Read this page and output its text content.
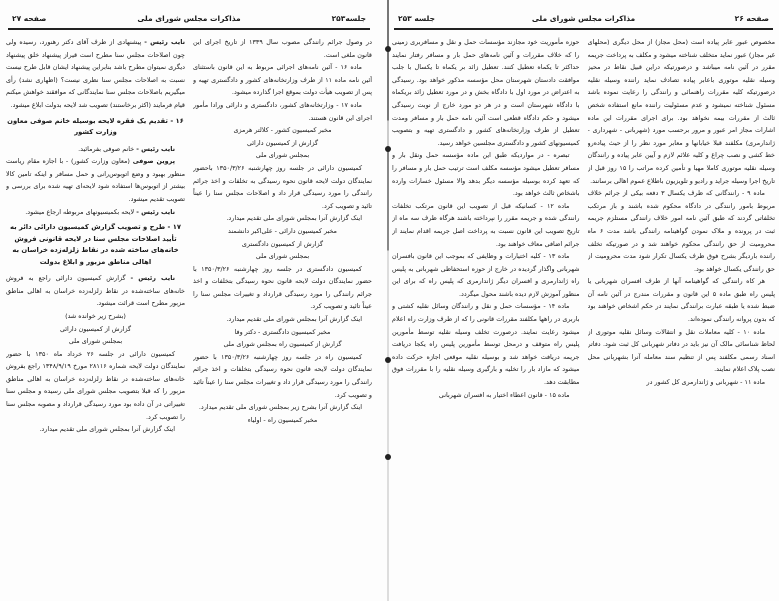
جلسه۲۵۳
مذاکرات مجلس شورای ملی
صفحه ۲۷

در وصول جرائم رانندگی مصوب سال ۱۳۳۹ از تاریخ اجرای این قانون ملغی است.

ماده ۱۶ - آئین نامه‌های اجرائی مربوط به این قانون باستثنای آئین نامه ماده ۱۱ از طرف وزارتخانه‌های کشور و دادگستری تهیه و پس از تصویب هیأت دولت بموقع اجرا گذارده میشود.

ماده ۱۷ - وزارتخانه‌های کشور، دادگستری و دارائی ورادا مأمور اجرای این قانون هستند.

مخبر کمیسیون کشور - کلالتر هرمزی

گزارش از کمیسیون دارائی

بمجلس شورای ملی

کمیسیون دارائی در جلسه روز چهارشنبه ۱۳۵۰/۳/۲۶ باحضور نمایندگان دولت لایحه قانون نحوه رسیدگی به تخلفات و اخذ جرائم رانندگی را مورد رسیدگی قرار داد و اصلاحات مجلس سنا را عیناً تائید و تصویب کرد.

اینک گزارش آنرا بمجلس شورای ملی تقدیم میدارد.

مخبر کمیسیون دارائی - علی‌اکبر دانشمند

گزارش از کمیسیون دادگستری

بمجلس شورای ملی

کمیسیون دادگستری در جلسه روز چهارشنبه ۱۳۵۰/۳/۲۶ با حضور نمایندگان دولت لایحه قانون نحوه رسیدگی بتخلفات و اخذ جرائم رانندگی را مورد رسیدگی قرارداد و تغییرات مجلس سنا را عیناً تائید و تصویب کرد.

اینک گزارش آنرا بمجلس شورای ملی تقدیم میدارد.

مخبر کمیسیون دادگستری - دکتر وفا

گزارش از کمیسیون راه بمجلس شورای ملی

کمیسیون راه در جلسه روز چهارشنبه ۱۳۵۰/۳/۲۶ با حضور نمایندگان دولت لایحه قانون نحوه رسیدگی بتخلفات و اخذ جرائم رانندگی را مورد رسیدگی قرار داد و تغییرات مجلس سنا را عیناً تائید و تصویب کرد.

اینک گزارش آنرا بشرح زیر بمجلس شورای ملی تقدیم میدارد.

مخبر کمیسیون راه - اولیاء

نایب رئیس - پیشنهادی از طرف آقای دکتر رهنورد، رسیده ولی چون اصلاحات مجلس سنا مطرح است قیراز پیشنهاد خلق پیشنهاد دیگری نمیتوان مطرح باشد بنابراین پیشنهاد ایشان قابل طرح نیست نسبت به اصلاحات مجلس سنا نظری نیست؟ (اظهاری نشد) رأی میگیریم باصلاحات مجلس سنا نمایندگانی که موافقند خواهش میکنم قیام فرمایند (اکثر برخاستند) تصویب شد لایحه بدولت ابلاغ میشود.

۱۶ - تقدیم یک فقره لایحه بوسیله خانم صوفی معاون وزارت کشور

نایب رئیس - خانم صوفی بفرمائید.

پروین صوفی (معاون وزارت کشور) - با اجازه مقام ریاست منظور بهبود و وضع اتوبوس‌رانی و حمل مسافر و اینکه تامین کالا بیشتر از اتوبوس‌ها استفاده شود لایحه‌ای تهیه شده برای بررسی و تصویب تقدیم میشود.

نایب رئیس - لایحه بکمیسیونهای مربوطه ارجاع میشود.

۱۷ - طرح و تصویب گزارش کمیسیون دارائی دائر به تأیید اصلاحات مجلس سنا در لایحه قانونی فروش خانه‌های ساخته شده در نقاط زلزله‌زده خراسان به اهالی مناطق مزبور و ابلاغ بدولت

نایب رئیس - گزارش کمیسیون دارائی راجع به فروش خانه‌های ساخته‌شده در نقاط زلزله‌زده خراسان به اهالی مناطق مزبور مطرح است قرائت میشود.

(بشرح زیر خوانده شد)

گزارش از کمیسیون دارائی

بمجلس شورای ملی

کمیسیون دارائی در جلسه ۲۶ خرداد ماه ۱۳۵۰ با حضور نمایندگان دولت لایحه شماره ۲۸۱۱۶ مورخ ۱۳۴۸/۹/۱۹ راجع بفروش خانه‌های ساخته‌شده در نقاط زلزله‌زده خراسان به اهالی مناطق مزبور را که قبلا بتصویب مجلس شورای ملی رسیده و مجلس سنا تغییراتی در آن داده بود مورد رسیدگی قرارداد و مصوبه مجلس سنا را تصویب کرد.

اینک گزارش آنرا بمجلس شورای ملی تقدیم میدارد.

صفحه ۲۶
مذاکرات مجلس شورای ملی
جلسه ۲۵۳

مخصوص عبور عابر پیاده است (محل مجاز) از محل دیگری (محلهای غیر مجاز) عبور نماید متخلف شناخته میشود و مکلف به پرداخت جریمه مقرر در آئین نامه میباشد و درصورتیکه دراین قبیل نقاط در محیز وسیله نقلیه موتوری باعابر پیاده تصادف نماید راننده وسیله نقلیه درصورتیکه کلیه مقررات راهنمائی و رانندگی را رعایت نموده باشد مسئول شناخته نمیشود و عدم مسئولیت راننده مانع استفاده شخص ثالث از مقررات بیمه نخواهد بود. برای اجرای مقررات این ماده اشارات مجاز امر عبور و مرور برحسب مورد (شهربانی - شهرداری - ژاندارمری) مکلفند قبلا خیابانها و معابر مورد نظر را از حیث پیاده‌رو خط کشی و نصب چراغ و کلیه علائم لازم و آیین عابر پیاده و رانندگان وسیله نقلیه موتوری کاملا مهیا و تأمین کرده مراتب را ۱۵ روز قبل از تاریخ اجرا وسیله جراید و رادیو و تلویزیون باطلاع عموم اهالی برسانند.

ماده ۹ - رانندگانی که ظرف یکسال ۳ دفعه بیکی از جرائم خلاف مربوط بامور رانندگی در دادگاه محکوم شده باشند و باز مرتکب تخلفاتی گردند که طبق آئین نامه امور خلاف رانندگی مستلزم جریمه ثبت در پرونده و ملاک نمودن گواهینامه رانندگی باشد مدت ۶ ماه محرومیت از حق رانندگی محکوم خواهند شد و در صورتیکه تخلف راننده باردیگر بشرح فوق ظرف یکسال تکرار شود مدت محرومیت از حق رانندگی یکسال خواهد بود.

هر کاه رانندگی که گواهینامه آنها از طرف افسران شهربانی یا پلیس راه طبق ماده ۵ این قانون و مقررات مندرج در آئین نامه آن ضبط شده یا طبقه عبارت برانندگی نمایند در حکم اشخاص خواهند بود که بدون پروانه رانندگی نموده‌اند.

ماده ۱۰ - کلیه معاملات نقل و انتقالات وسائل نقلیه موتوری از لحاظ شناسائی مالک آن نیز باید در دفاتر شهربانی کل ثبت شود. دفاتر اسناد رسمی مکلفند پس از تنظیم سند معامله آنرا بشهربانی محل نصب پلاک اعلام نمایند.

ماده ۱۱ - شهربانی و ژاندارمری کل کشور در

حوزه مأموریت خود مجازند مؤسسات حمل و نقل و مسافربری زمینی را که خلاف مقررات و آئین نامه‌های حمل بار و مسافر رفتار نمایند حداکثر تا یکماه تعطیل کنند. تعطیل زائد بر یکماه تا یکسال با جلب موافقت دادستان شهرستان محل مؤسسه مذکور خواهد بود. رسیدگی به اعتراض در مورد اول با دادگاه بخش و در مورد تعطیل زائد بریکماه با دادگاه شهرستان است و در هر دو مورد خارج از نوبت رسیدگی میشود و حکم دادگاه قطعی است آئین نامه حمل بار و مسافر ومدت تعطیل از طرف وزارتخانه‌های کشور و دادگستری تهیه و بتصویب کمیسیونهای کشور و دادگستری مجلسین خواهد رسید.

تبصره - در مواردیکه طبق این ماده مؤسسه حمل ونقل بار و مسافر تعطیل میشود مؤسسه مکلف است ترتیب حمل بار و مسافر را که تعهد کرده بوسیله مؤسسه دیگر بدهد والا مسئول خسارات وارده باشخاص ثالث خواهد بود.

ماده ۱۲ - کسانیکه قبل از تصویب این قانون مرتکب تخلفات رانندگی شده و جریمه مقرر را نپرداخته باشند هرگاه ظرف سه ماه از تاریخ تصویب این قانون نسبت به پرداخت اصل جریمه اقدام نمایند از جرائم اضافی معاف خواهند بود.

ماده ۱۳ - کلیه اختیارات و وظایفی که بموجب این قانون بافسران شهربانی واگذار گردیده در خارج از حوزه استحفاظی شهربانی به پلیس راه ژاندارمری و افسران دیگر ژاندارمری که پلیس راه که برای این منظور آموزش لازم دیده باشند محول میگردد.

ماده ۱۴ - مؤسسات حمل و نقل و رانندگان وسائل نقلیه کشتی و باربری در راهها مکلفند مقررات قانونی را که از طرف وزارت راه اعلام میشود رعایت نمایند. درصورت تخلف وسیله نقلیه توسط مأمورین پلیس راه متوقف و درمحل توسط مأمورین پلیس راه یکجا دریافت جریمه دریافت خواهد شد و بوسیله نقلیه موقعی اجازه حرکت داده میشود که مازاد بار را تخلیه و بارگیری وسیله نقلیه را با مقررات فوق مطابقت دهد.

ماده ۱۵ - قانون اعطاء اختیار به افسران شهربانی
